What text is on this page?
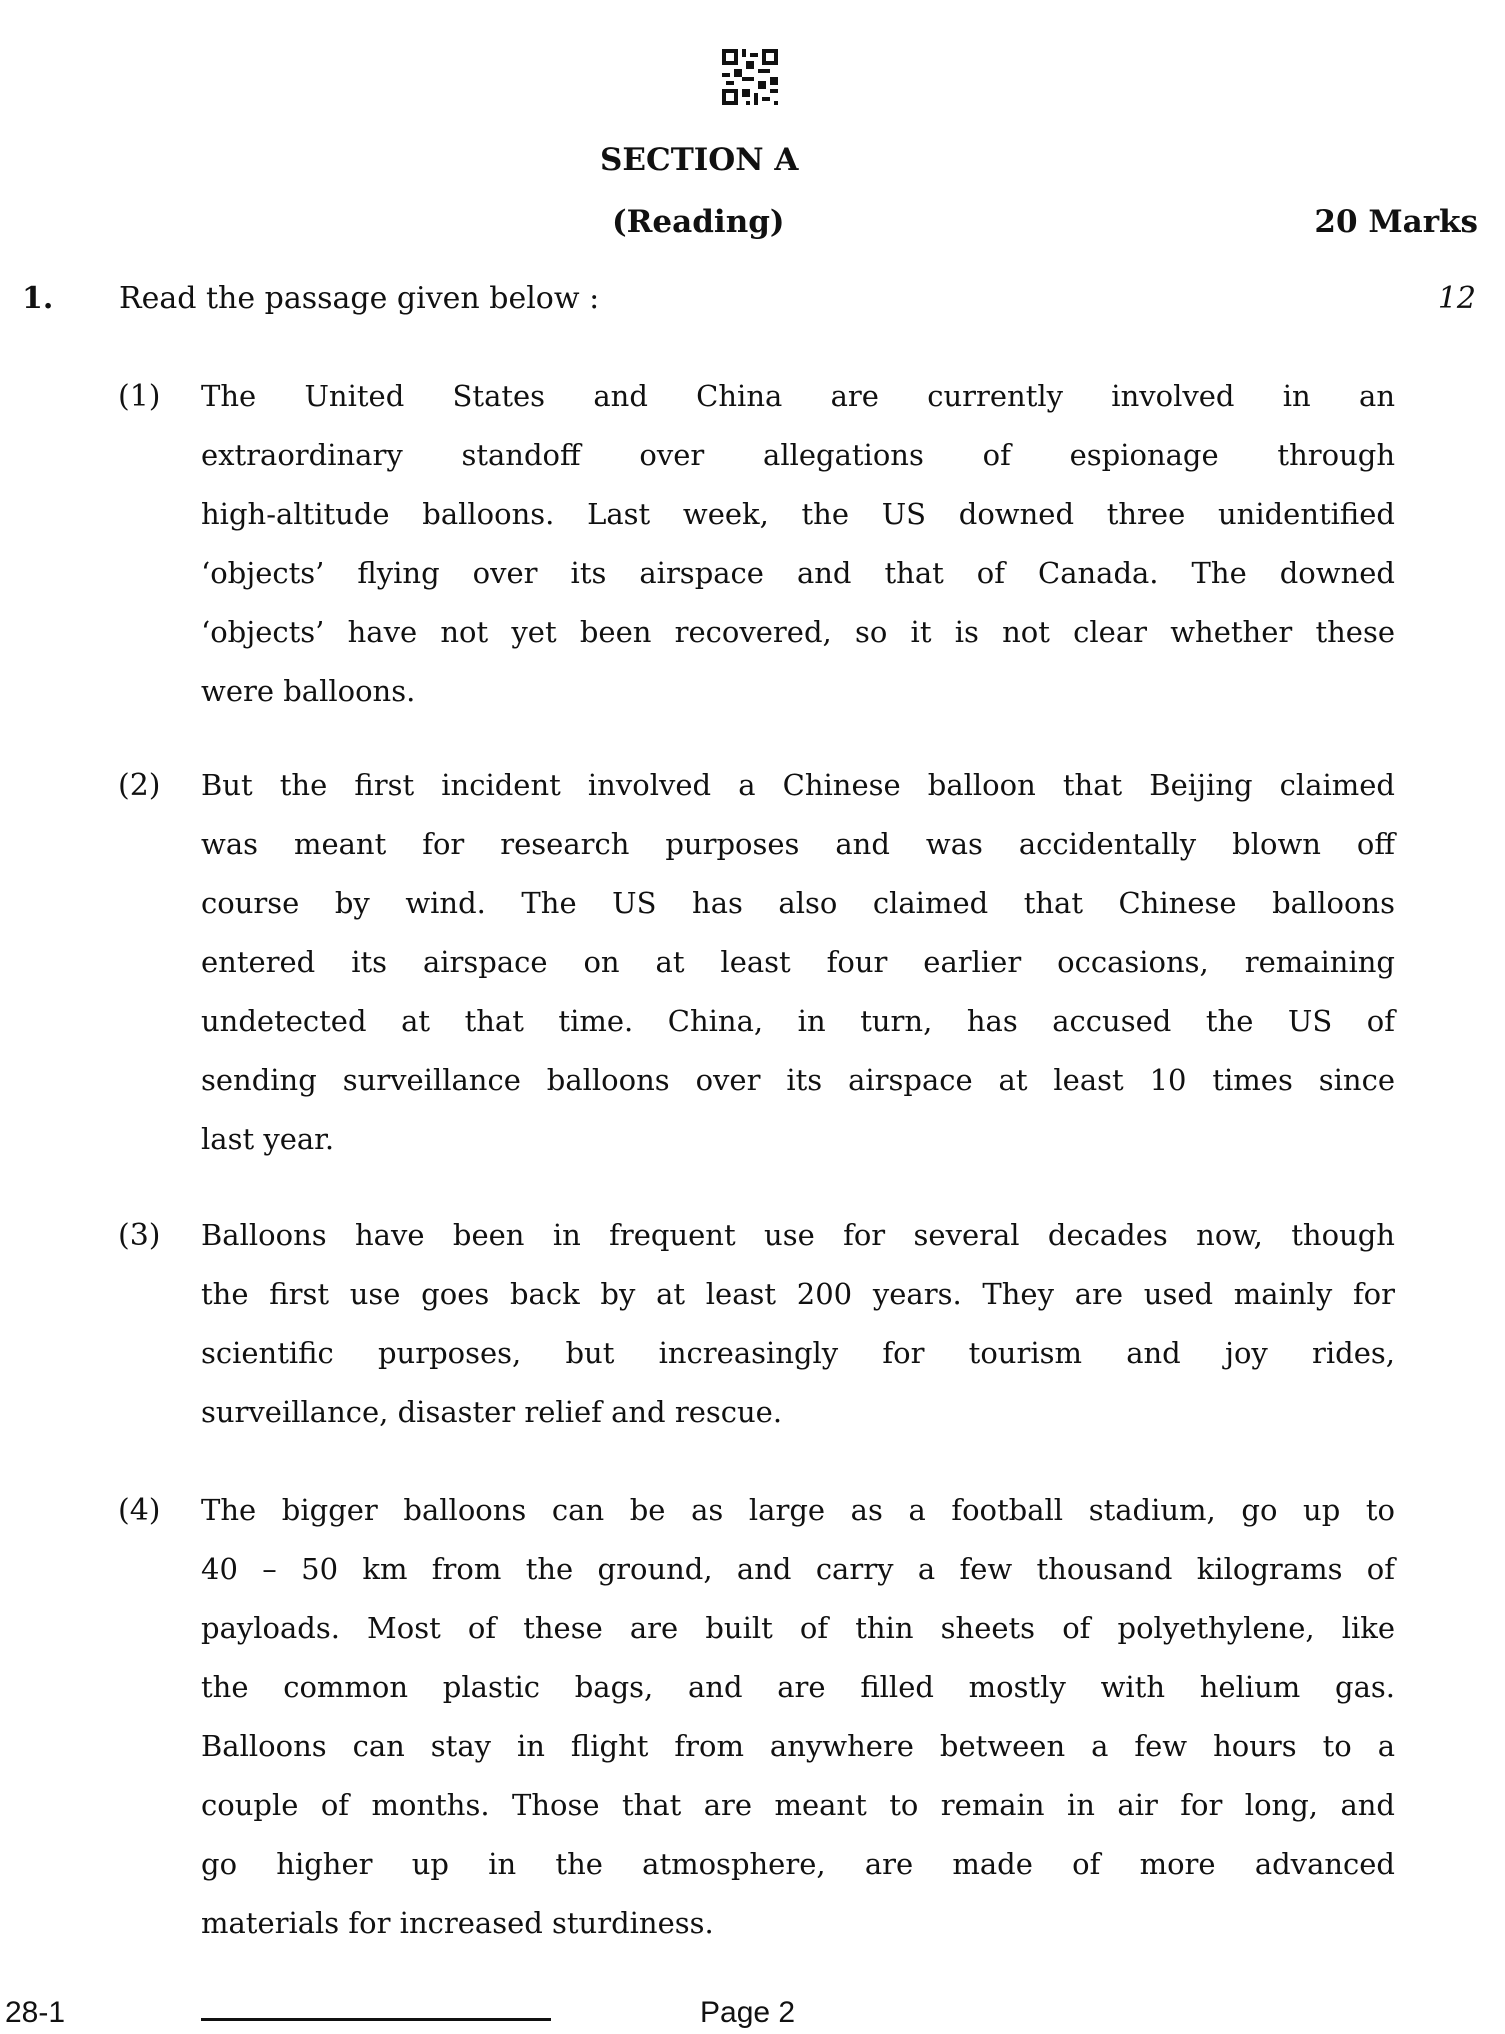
SECTION A
(Reading)	20 Marks
1. Read the passage given below :	12
(1) The United States and China are currently involved in an
extraordinary standoff over allegations of espionage through
high-altitude balloons. Last week, the US downed three unidentified
‘objects’ flying over its airspace and that of Canada. The downed
‘objects’ have not yet been recovered, so it is not clear whether these
were balloons.
(2) But the first incident involved a Chinese balloon that Beijing claimed
was meant for research purposes and was accidentally blown off
course by wind. The US has also claimed that Chinese balloons
entered its airspace on at least four earlier occasions, remaining
undetected at that time. China, in turn, has accused the US of
sending surveillance balloons over its airspace at least 10 times since
last year.
(3) Balloons have been in frequent use for several decades now, though
the first use goes back by at least 200 years. They are used mainly for
scientific purposes, but increasingly for tourism and joy rides,
surveillance, disaster relief and rescue.
(4) The bigger balloons can be as large as a football stadium, go up to
40 – 50 km from the ground, and carry a few thousand kilograms of
payloads. Most of these are built of thin sheets of polyethylene, like
the common plastic bags, and are filled mostly with helium gas.
Balloons can stay in flight from anywhere between a few hours to a
couple of months. Those that are meant to remain in air for long, and
go higher up in the atmosphere, are made of more advanced
materials for increased sturdiness.
28-1	Page 2
